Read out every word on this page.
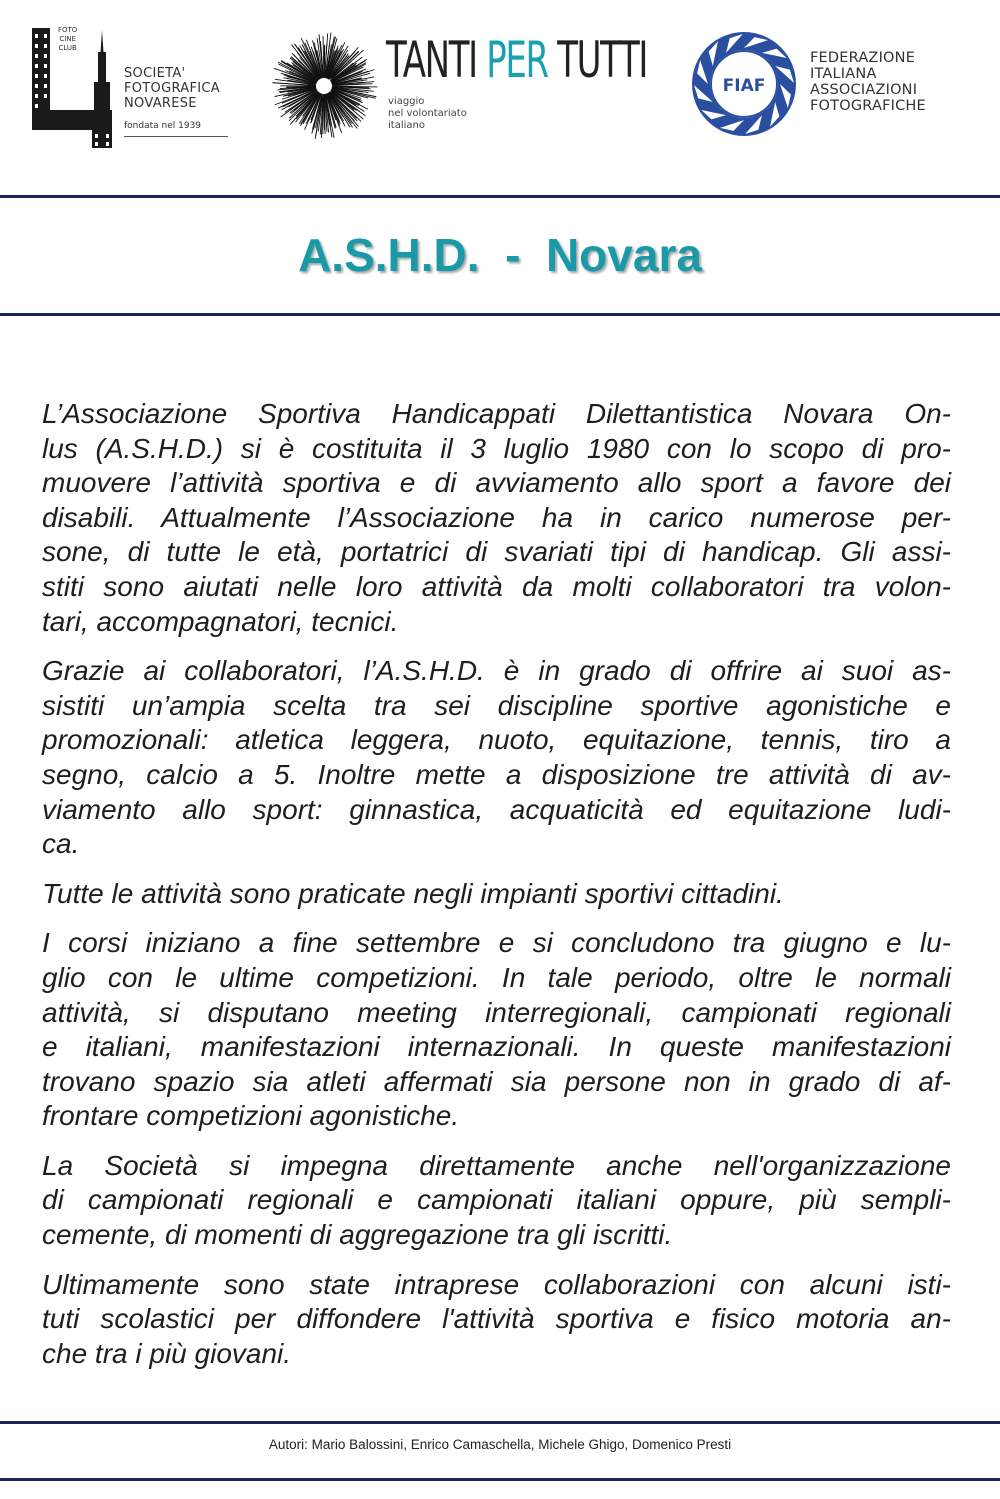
FOTO
CINE
CLUB
F.I.A.F.
SOCIETA'
FOTOGRAFICA
NOVARESE
fondata nel 1939
TANTI PER TUTTI
viaggio
nel volontariato
italiano
FIAF
FEDERAZIONE
ITALIANA
ASSOCIAZIONI
FOTOGRAFICHE
A.S.H.D.  -  Novara
L’Associazione Sportiva Handicappati Dilettantistica Novara On-
lus (A.S.H.D.) si è costituita il 3 luglio 1980 con lo scopo di pro-
muovere l’attività sportiva e di avviamento allo sport a favore dei
disabili. Attualmente l’Associazione ha in carico numerose per-
sone, di tutte le età, portatrici di svariati tipi di handicap. Gli assi-
stiti sono aiutati nelle loro attività da molti collaboratori tra volon-
tari, accompagnatori, tecnici.
Grazie ai collaboratori, l’A.S.H.D. è in grado di offrire ai suoi as-
sistiti un’ampia scelta tra sei discipline sportive agonistiche e
promozionali: atletica leggera, nuoto, equitazione, tennis, tiro a
segno, calcio a 5. Inoltre mette a disposizione tre attività di av-
viamento allo sport: ginnastica, acquaticità ed equitazione ludi-
ca.
Tutte le attività sono praticate negli impianti sportivi cittadini.
I corsi iniziano a fine settembre e si concludono tra giugno e lu-
glio con le ultime competizioni. In tale periodo, oltre le normali
attività, si disputano meeting interregionali, campionati regionali
e italiani, manifestazioni internazionali. In queste manifestazioni
trovano spazio sia atleti affermati sia persone non in grado di af-
frontare competizioni agonistiche.
La Società si impegna direttamente anche nell'organizzazione
di campionati regionali e campionati italiani oppure, più sempli-
cemente, di momenti di aggregazione tra gli iscritti.
Ultimamente sono state intraprese collaborazioni con alcuni isti-
tuti scolastici per diffondere l'attività sportiva e fisico motoria an-
che tra i più giovani.
Autori: Mario Balossini, Enrico Camaschella, Michele Ghigo, Domenico Presti
